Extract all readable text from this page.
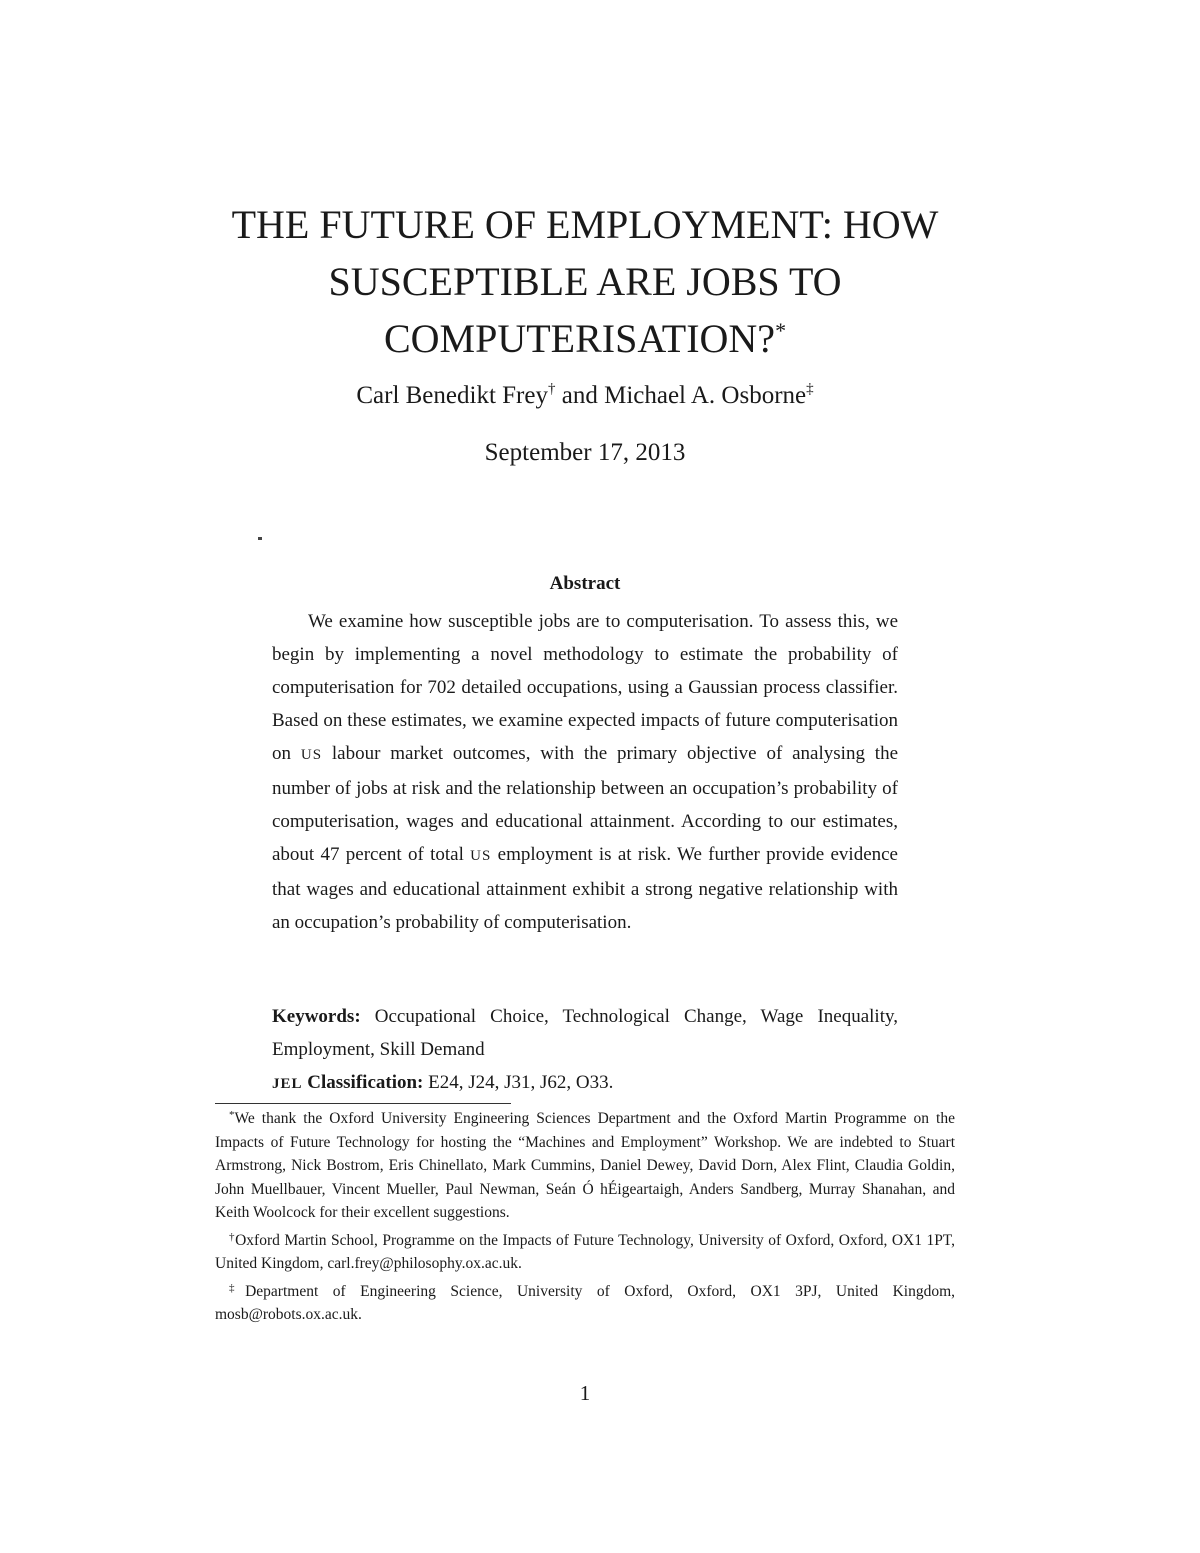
THE FUTURE OF EMPLOYMENT: HOW SUSCEPTIBLE ARE JOBS TO COMPUTERISATION?*
Carl Benedikt Frey† and Michael A. Osborne‡
September 17, 2013
Abstract

We examine how susceptible jobs are to computerisation. To assess this, we begin by implementing a novel methodology to estimate the probability of computerisation for 702 detailed occupations, using a Gaussian process classifier. Based on these estimates, we examine expected impacts of future computerisation on US labour market outcomes, with the primary objective of analysing the number of jobs at risk and the relationship between an occupation’s probability of computerisation, wages and educational attainment. According to our estimates, about 47 percent of total US employment is at risk. We further provide evidence that wages and educational attainment exhibit a strong negative relationship with an occupation’s probability of computerisation.

Keywords: Occupational Choice, Technological Change, Wage Inequality, Employment, Skill Demand

JEL Classification: E24, J24, J31, J62, O33.

*We thank the Oxford University Engineering Sciences Department and the Oxford Martin Programme on the Impacts of Future Technology for hosting the “Machines and Employment” Workshop. We are indebted to Stuart Armstrong, Nick Bostrom, Eris Chinellato, Mark Cummins, Daniel Dewey, David Dorn, Alex Flint, Claudia Goldin, John Muellbauer, Vincent Mueller, Paul Newman, Seán Ó hÉigeartaigh, Anders Sandberg, Murray Shanahan, and Keith Woolcock for their excellent suggestions.

†Oxford Martin School, Programme on the Impacts of Future Technology, University of Oxford, Oxford, OX1 1PT, United Kingdom, carl.frey@philosophy.ox.ac.uk.

‡Department of Engineering Science, University of Oxford, Oxford, OX1 3PJ, United Kingdom, mosb@robots.ox.ac.uk.

1
